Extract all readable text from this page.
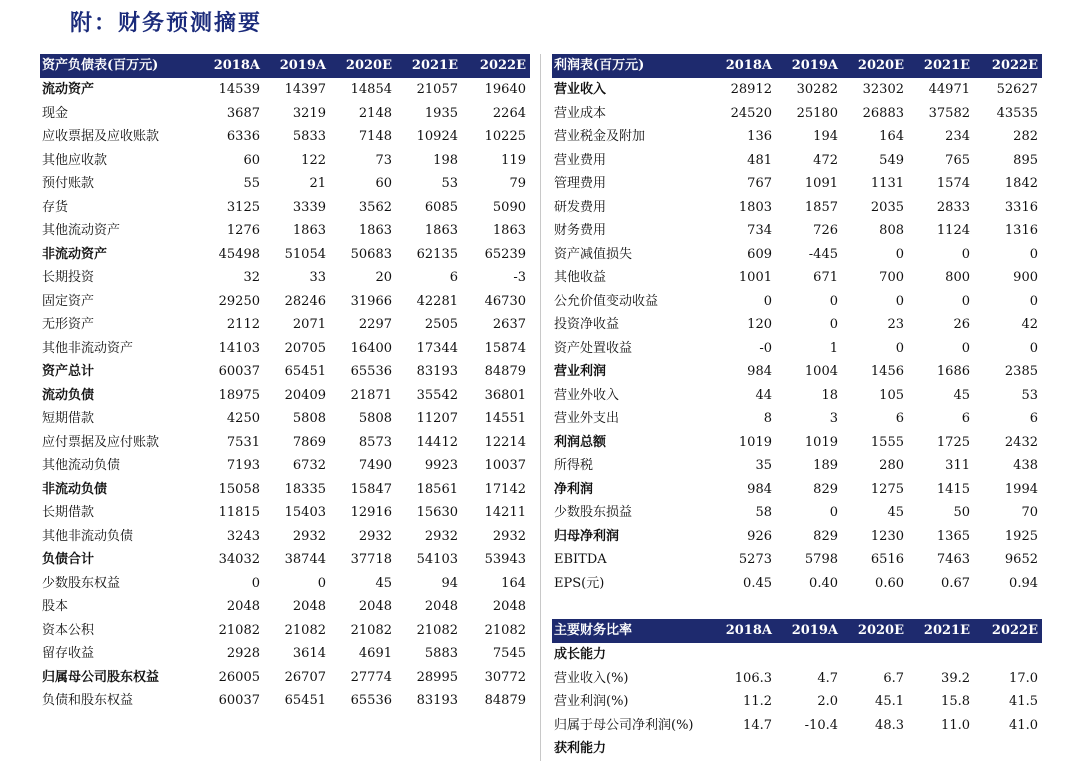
附：财务预测摘要
资产负债表(百万元)	2018A	2019A	2020E	2021E	2022E
流动资产	14539	14397	14854	21057	19640
现金	3687	3219	2148	1935	2264
应收票据及应收账款	6336	5833	7148	10924	10225
其他应收款	60	122	73	198	119
预付账款	55	21	60	53	79
存货	3125	3339	3562	6085	5090
其他流动资产	1276	1863	1863	1863	1863
非流动资产	45498	51054	50683	62135	65239
长期投资	32	33	20	6	-3
固定资产	29250	28246	31966	42281	46730
无形资产	2112	2071	2297	2505	2637
其他非流动资产	14103	20705	16400	17344	15874
资产总计	60037	65451	65536	83193	84879
流动负债	18975	20409	21871	35542	36801
短期借款	4250	5808	5808	11207	14551
应付票据及应付账款	7531	7869	8573	14412	12214
其他流动负债	7193	6732	7490	9923	10037
非流动负债	15058	18335	15847	18561	17142
长期借款	11815	15403	12916	15630	14211
其他非流动负债	3243	2932	2932	2932	2932
负债合计	34032	38744	37718	54103	53943
少数股东权益	0	0	45	94	164
股本	2048	2048	2048	2048	2048
资本公积	21082	21082	21082	21082	21082
留存收益	2928	3614	4691	5883	7545
归属母公司股东权益	26005	26707	27774	28995	30772
负债和股东权益	60037	65451	65536	83193	84879
利润表(百万元)	2018A	2019A	2020E	2021E	2022E
营业收入	28912	30282	32302	44971	52627
营业成本	24520	25180	26883	37582	43535
营业税金及附加	136	194	164	234	282
营业费用	481	472	549	765	895
管理费用	767	1091	1131	1574	1842
研发费用	1803	1857	2035	2833	3316
财务费用	734	726	808	1124	1316
资产减值损失	609	-445	0	0	0
其他收益	1001	671	700	800	900
公允价值变动收益	0	0	0	0	0
投资净收益	120	0	23	26	42
资产处置收益	-0	1	0	0	0
营业利润	984	1004	1456	1686	2385
营业外收入	44	18	105	45	53
营业外支出	8	3	6	6	6
利润总额	1019	1019	1555	1725	2432
所得税	35	189	280	311	438
净利润	984	829	1275	1415	1994
少数股东损益	58	0	45	50	70
归母净利润	926	829	1230	1365	1925
EBITDA	5273	5798	6516	7463	9652
EPS(元)	0.45	0.40	0.60	0.67	0.94
主要财务比率	2018A	2019A	2020E	2021E	2022E
成长能力					
营业收入(%)	106.3	4.7	6.7	39.2	17.0
营业利润(%)	11.2	2.0	45.1	15.8	41.5
归属于母公司净利润(%)	14.7	-10.4	48.3	11.0	41.0
获利能力					
